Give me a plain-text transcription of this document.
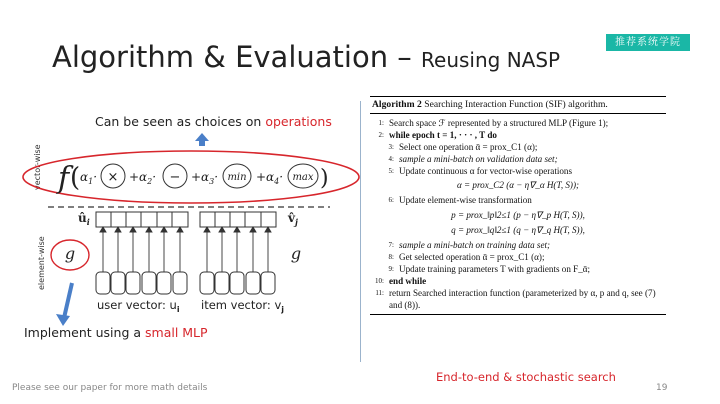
Algorithm & Evaluation – Reusing NASP
推荐系统学院
Can be seen as choices on operations
vector-wise
element-wise
f ( $\alpha_1\cdot \times +\alpha_2\cdot - +\alpha_3\cdot \min +\alpha_4\cdot \max$ )
$û_i$	$v̂_j$
g	g
user vector: $u_i$ item vector: $v_j$
Implement using a small MLP
Algorithm 2 Searching Interaction Function (SIF) algorithm.
1: Search space ℱ represented by a structured MLP (Figure 1);
2: while epoch t = 1, · · · , T do
3: Select one operation ᾱ = prox_C1 (α);
4: sample a mini-batch on validation data set;
5: Update continuous α for vector-wise operations
α = prox_C2 (α − η∇_α H(T, S));
6: Update element-wise transformation
p = prox_‖p‖2≤1 (p − η∇_p H(T, S)),
q = prox_‖q‖2≤1 (q − η∇_q H(T, S)),
7: sample a mini-batch on training data set;
8: Get selected operation ᾱ = prox_C1 (α);
9: Update training parameters T with gradients on F_ᾱ;
10: end while
11: return Searched interaction function (parameterized by α, p and q, see (7) and (8)).
End-to-end & stochastic search
Please see our paper for more math details	19
